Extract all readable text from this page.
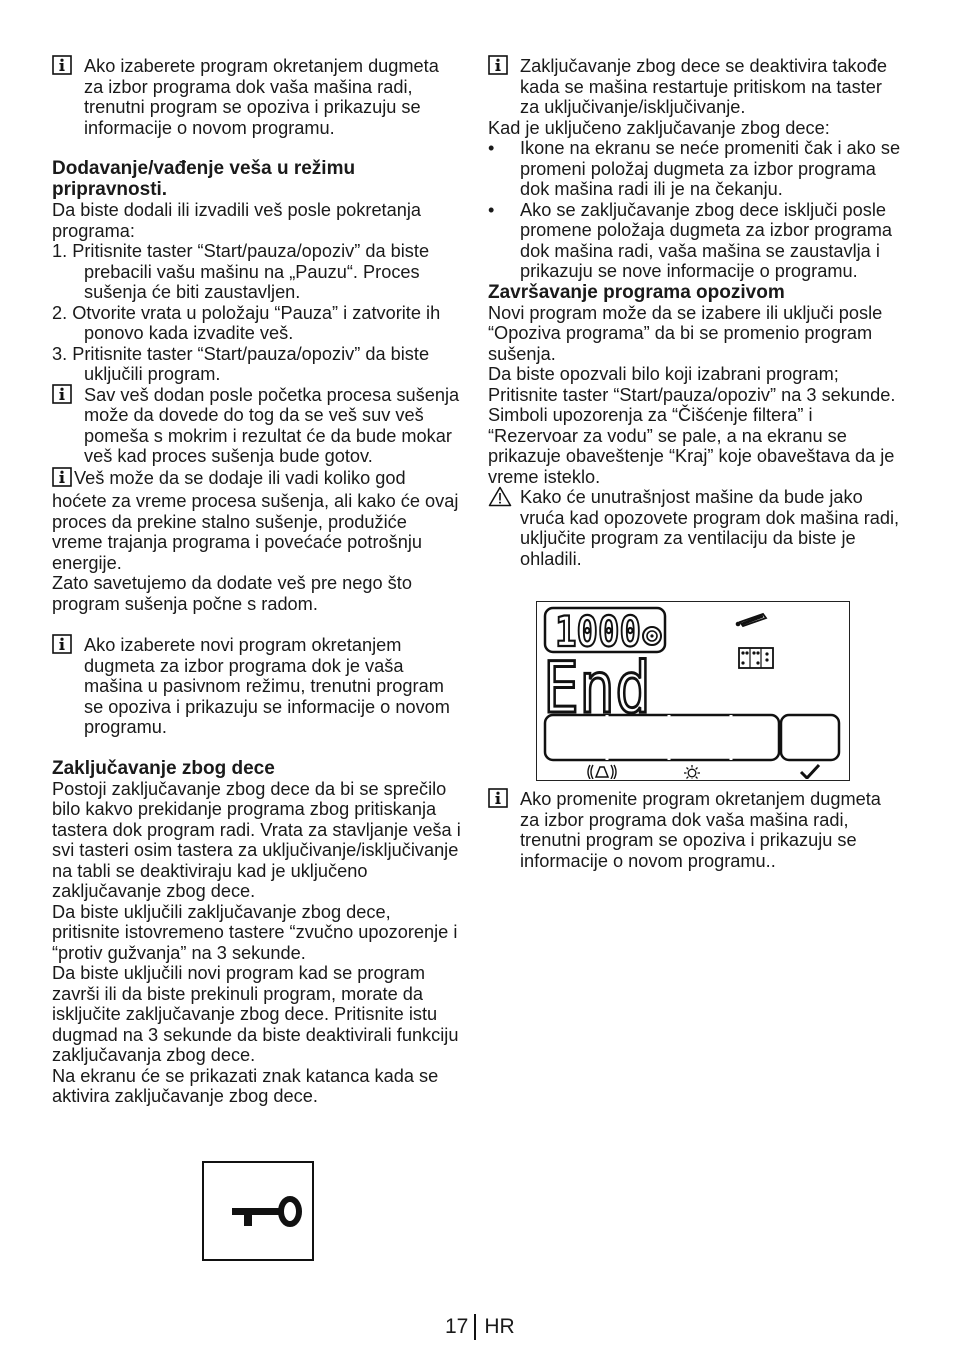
Ako izaberete program okretanjem dugmeta za izbor programa dok vaša mašina radi, trenutni program se opoziva i prikazuju se informacije o novom programu.

Dodavanje/vađenje veša u režimu pripravnosti.

Da biste dodali ili izvadili veš posle pokretanja programa:

1. Pritisnite taster “Start/pauza/opoziv” da biste prebacili vašu mašinu na „Pauzu“. Proces sušenja će biti zaustavljen.

2. Otvorite vrata u položaju “Pauza” i zatvorite ih ponovo kada izvadite veš.

3. Pritisnite taster “Start/pauza/opoziv” da biste uključili program.

Sav veš dodan posle početka procesa sušenja može da dovede do tog da se veš suv veš pomeša s mokrim i rezultat će da bude mokar veš kad proces sušenja bude gotov.

Veš može da se dodaje ili vadi koliko god hoćete za vreme procesa sušenja, ali kako će ovaj proces da prekine stalno sušenje, produžiće vreme trajanja programa i povećaće potrošnju energije.

Zato savetujemo da dodate veš pre nego što program sušenja počne s radom.

Ako izaberete novi program okretanjem dugmeta za izbor programa dok je vaša mašina u pasivnom režimu, trenutni program se opoziva i prikazuju se informacije o novom programu.

Zaključavanje zbog dece

Postoji zaključavanje zbog dece da bi se sprečilo bilo kakvo prekidanje programa zbog pritiskanja tastera dok program radi. Vrata za stavljanje veša i svi tasteri osim tastera za uključivanje/isključivanje na tabli se deaktiviraju kad je uključeno zaključavanje zbog dece.

Da biste uključili zaključavanje zbog dece, pritisnite istovremeno tastere “zvučno upozorenje i “protiv gužvanja” na 3 sekunde.

Da biste uključili novi program kad se program završi ili da biste prekinuli program, morate da isključite zaključavanje zbog dece. Pritisnite istu dugmad na 3 sekunde da biste deaktivirali funkciju zaključavanja zbog dece.

Na ekranu će se prikazati znak katanca kada se aktivira zaključavanje zbog dece.

Zaključavanje zbog dece se deaktivira takođe kada se mašina restartuje pritiskom na taster za uključivanje/isključivanje.

Kad je uključeno zaključavanje zbog dece:

• Ikone na ekranu se neće promeniti čak i ako se promeni položaj dugmeta za izbor programa dok mašina radi ili je na čekanju.

• Ako se zaključavanje zbog dece isključi posle promene položaja dugmeta za izbor programa dok mašina radi, vaša mašina se zaustavlja i prikazuju se nove informacije o programu.

Završavanje programa opozivom

Novi program može da se izabere ili uključi posle “Opoziva programa” da bi se promenio program sušenja.

Da biste opozvali bilo koji izabrani program; Pritisnite taster “Start/pauza/opoziv” na 3 sekunde. Simboli upozorenja za “Čišćenje filtera” i “Rezervoar za vodu” se pale, a na ekranu se prikazuje obaveštenje “Kraj” koje obaveštava da je vreme isteklo.

Kako će unutrašnjost mašine da bude jako vruća kad opozovete program dok mašina radi, uključite program za ventilaciju da biste je ohladili.

1000
End

Ako promenite program okretanjem dugmeta za izbor programa dok vaša mašina radi, trenutni program se opoziva i prikazuju se informacije o novom programu..

17 HR
